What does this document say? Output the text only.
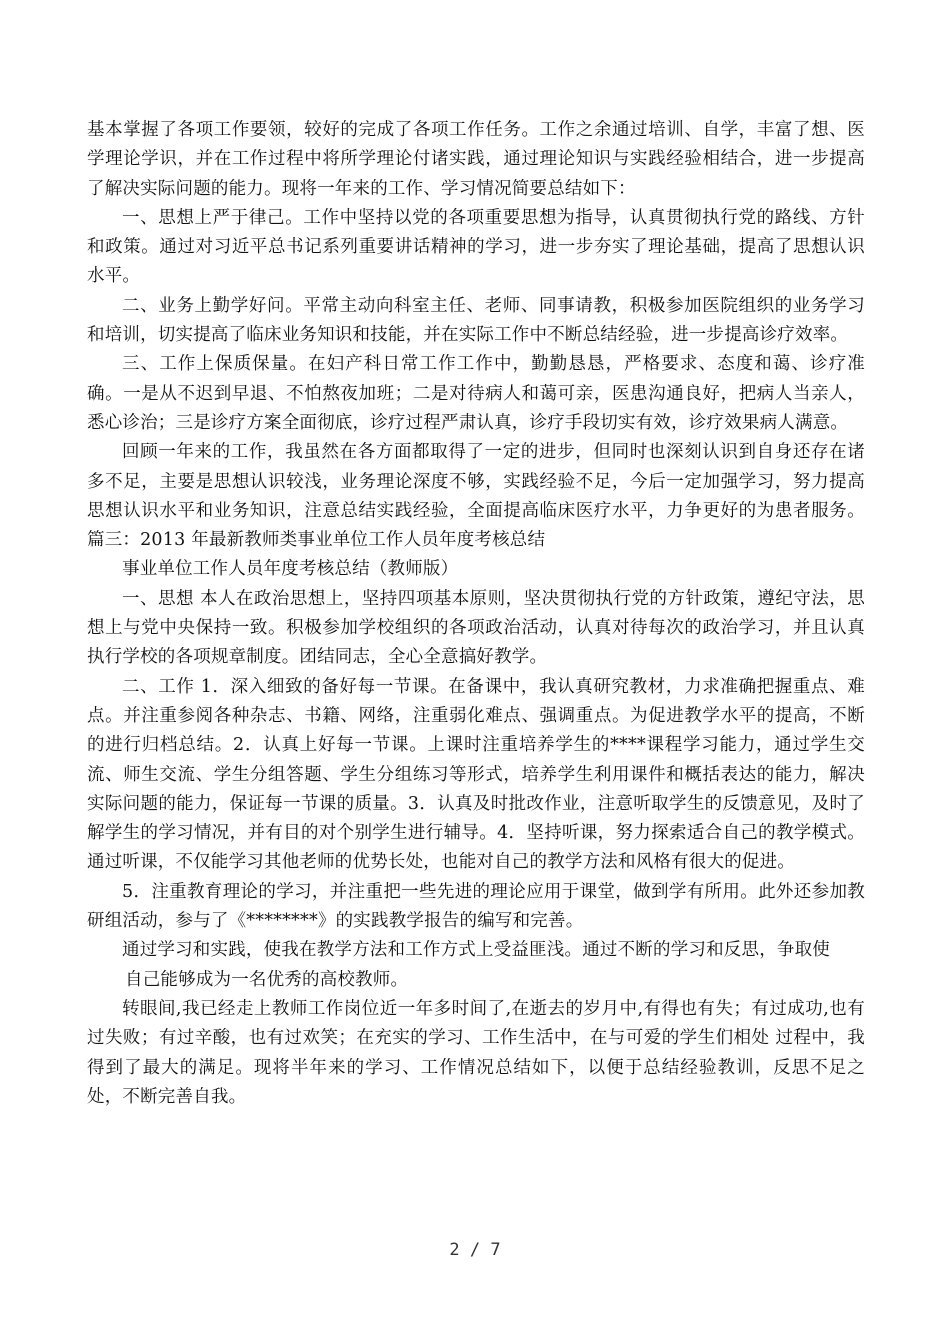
基本掌握了各项工作要领，较好的完成了各项工作任务。工作之余通过培训、自学，丰富了想、医学理论学识，并在工作过程中将所学理论付诸实践，通过理论知识与实践经验相结合，进一步提高了解决实际问题的能力。现将一年来的工作、学习情况简要总结如下：

一、思想上严于律己。工作中坚持以党的各项重要思想为指导，认真贯彻执行党的路线、方针和政策。通过对习近平总书记系列重要讲话精神的学习，进一步夯实了理论基础，提高了思想认识水平。

二、业务上勤学好问。平常主动向科室主任、老师、同事请教，积极参加医院组织的业务学习和培训，切实提高了临床业务知识和技能，并在实际工作中不断总结经验，进一步提高诊疗效率。

三、工作上保质保量。在妇产科日常工作工作中，勤勤恳恳，严格要求、态度和蔼、诊疗准确。一是从不迟到早退、不怕熬夜加班；二是对待病人和蔼可亲，医患沟通良好，把病人当亲人，悉心诊治；三是诊疗方案全面彻底，诊疗过程严肃认真，诊疗手段切实有效，诊疗效果病人满意。

回顾一年来的工作，我虽然在各方面都取得了一定的进步，但同时也深刻认识到自身还存在诸多不足，主要是思想认识较浅，业务理论深度不够，实践经验不足，今后一定加强学习，努力提高思想认识水平和业务知识，注意总结实践经验，全面提高临床医疗水平，力争更好的为患者服务。篇三：2013 年最新教师类事业单位工作人员年度考核总结

事业单位工作人员年度考核总结（教师版）

一、思想 本人在政治思想上，坚持四项基本原则，坚决贯彻执行党的方针政策，遵纪守法，思想上与党中央保持一致。积极参加学校组织的各项政治活动，认真对待每次的政治学习，并且认真执行学校的各项规章制度。团结同志，全心全意搞好教学。

二、工作 1．深入细致的备好每一节课。在备课中，我认真研究教材，力求准确把握重点、难点。并注重参阅各种杂志、书籍、网络，注重弱化难点、强调重点。为促进教学水平的提高，不断的进行归档总结。2．认真上好每一节课。上课时注重培养学生的****课程学习能力，通过学生交流、师生交流、学生分组答题、学生分组练习等形式，培养学生利用课件和概括表达的能力，解决实际问题的能力，保证每一节课的质量。3．认真及时批改作业，注意听取学生的反馈意见，及时了解学生的学习情况，并有目的对个别学生进行辅导。4．坚持听课，努力探索适合自己的教学模式。通过听课，不仅能学习其他老师的优势长处，也能对自己的教学方法和风格有很大的促进。

5．注重教育理论的学习，并注重把一些先进的理论应用于课堂，做到学有所用。此外还参加教研组活动，参与了《********》的实践教学报告的编写和完善。

通过学习和实践，使我在教学方法和工作方式上受益匪浅。通过不断的学习和反思，争取使

自己能够成为一名优秀的高校教师。

转眼间,我已经走上教师工作岗位近一年多时间了,在逝去的岁月中,有得也有失；有过成功,也有过失败；有过辛酸，也有过欢笑；在充实的学习、工作生活中，在与可爱的学生们相处 过程中，我得到了最大的满足。现将半年来的学习、工作情况总结如下，以便于总结经验教训，反思不足之处，不断完善自我。

2 / 7
